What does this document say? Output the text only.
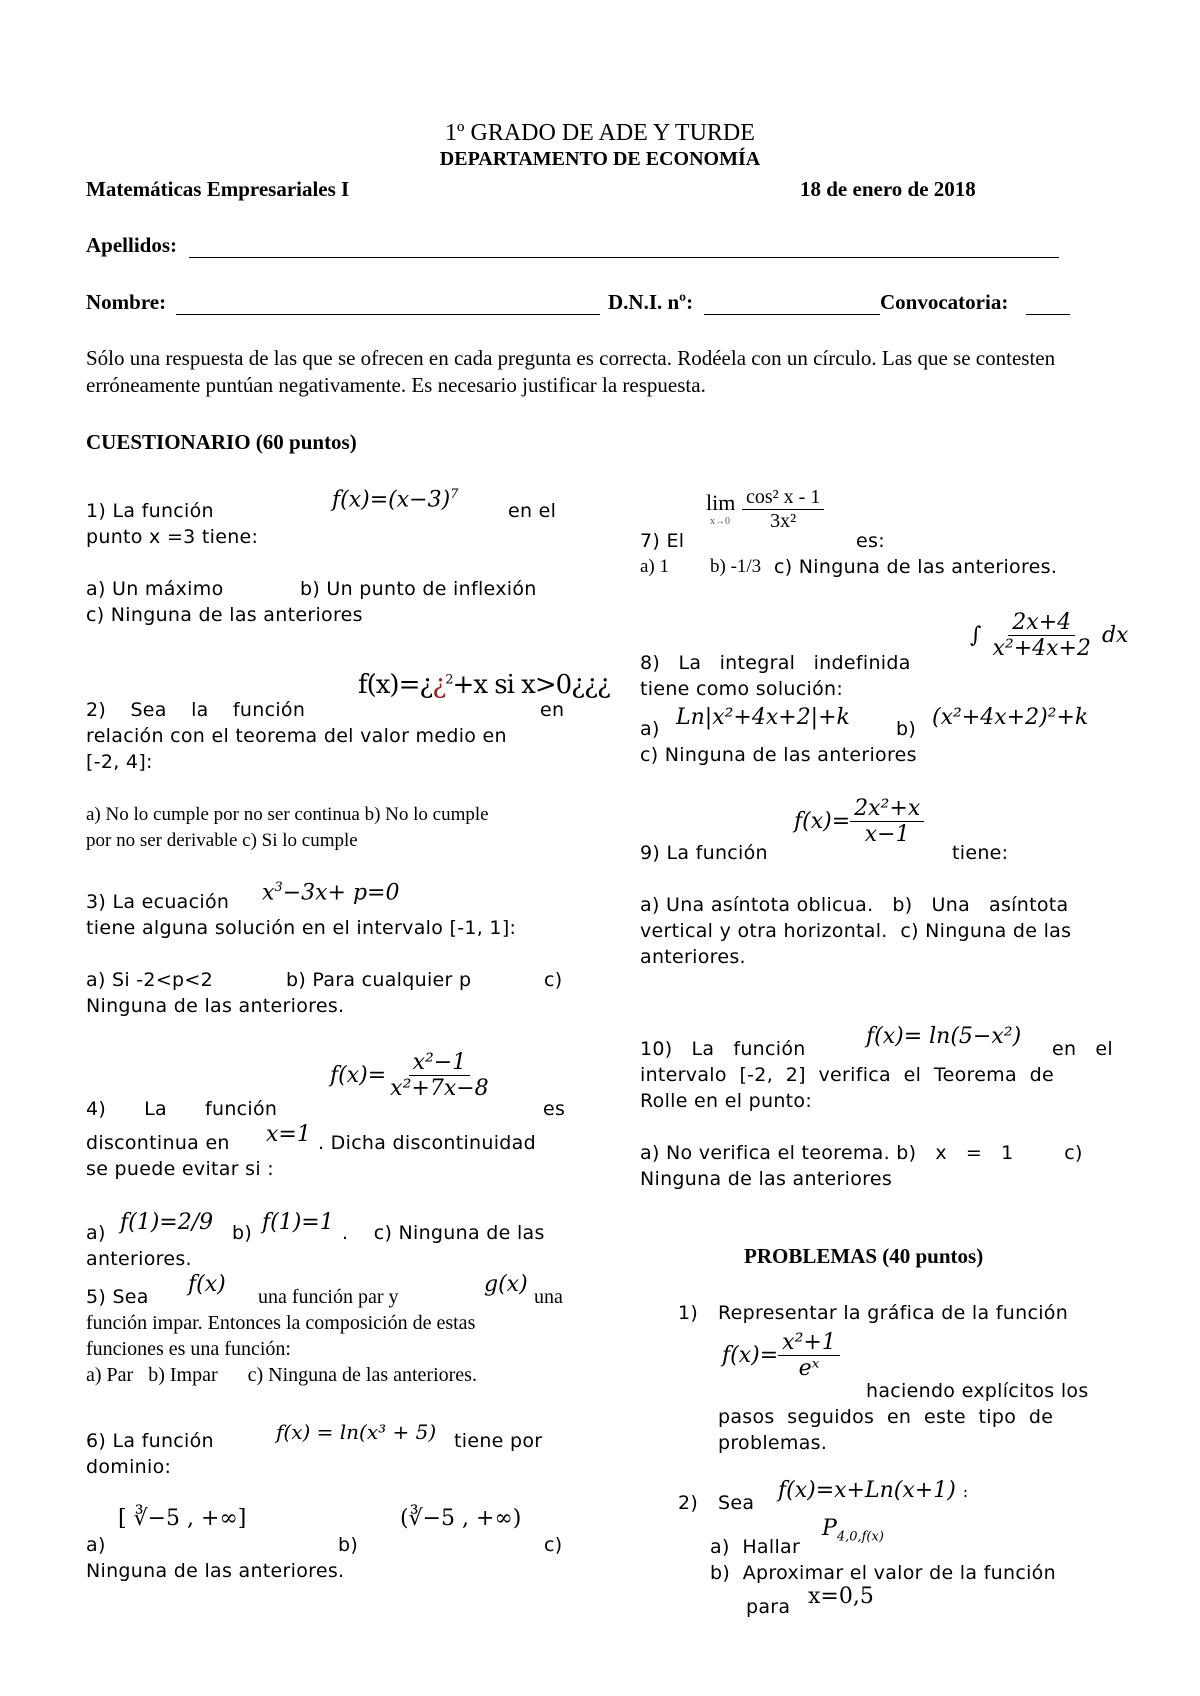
1º GRADO DE ADE Y TURDE
DEPARTAMENTO DE ECONOMÍA
Matemáticas Empresariales I	18 de enero de 2018
Apellidos:
Nombre:	D.N.I. nº:	Convocatoria:
Sólo una respuesta de las que se ofrecen en cada pregunta es correcta. Rodéela con un círculo. Las que se contesten erróneamente puntúan negativamente. Es necesario justificar la respuesta.
CUESTIONARIO (60 puntos)
1) La función	$f(x)=(x-3)^7$
en el
punto x =3 tiene:
a) Un máximo	b) Un punto de inflexión
c) Ninguna de las anteriores
2) Sea la función
f(x)=¿¿$^2$+x si x>0¿¿¿
en
relación con el teorema del valor medio en
[-2, 4]:
a) No lo cumple por no ser continua b) No lo cumple
por no ser derivable c) Si lo cumple
3) La ecuación $x^3-3x+ p=0$
tiene alguna solución en el intervalo [-1, 1]:
a) Si -2<p<2	b) Para cualquier p	c)
Ninguna de las anteriores.
$f(x)= \frac{\text{x²−1}}{\text{x²+7x−8}}$
4)      La      función	es
discontinua en x=1 . Dicha discontinuidad
se puede evitar si :
a) f(1)=2/9 b) f(1)=1 .    c) Ninguna de las
anteriores.
5) Sea f(x) una función par y	g(x) una
función impar. Entonces la composición de estas
funciones es una función:
a) Par   b) Impar      c) Ninguna de las anteriores.
6) La función	f(x) = ln(x³ + 5) tiene por
dominio:
a)
[ ∛−5 , +∞]
b)
(∛−5 , +∞)
c)
Ninguna de las anteriores.
lim
$x\to 0 \frac{\text{cos² x - 1}}{\text{3x²}}$
7) El	es:
a) 1 b) -1/3 c) Ninguna de las anteriores.
∫ $\frac{2x+4}{\text{x²+4x+2}}$ dx
8) La integral indefinida
tiene como solución:
a) Ln|x²+4x+2|+k b) (x²+4x+2)²+k
c) Ninguna de las anteriores
$f(x)= \frac{\text{2x²+x}}{x-1}$
9) La función	tiene:
a) Una asíntota oblicua.   b)   Una   asíntota
vertical y otra horizontal.  c) Ninguna de las
anteriores.
10)   La   función	f(x)= ln(5−x²) en   el
intervalo  [-2,  2]  verifica  el  Teorema  de
Rolle en el punto:
a) No verifica el teorema. b)   x   =   1        c)
Ninguna de las anteriores
PROBLEMAS (40 puntos)
1) Representar la gráfica de la función
$f(x)= \frac{\text{x²+1}}{\text{eˣ}}$
haciendo explícitos los
pasos  seguidos  en  este  tipo  de
problemas.
2) Sea f(x)=x+Ln(x+1) :
a)  Hallar
$P_{4,0,f(x)}$
b)  Aproximar el valor de la función
para x=0,5
